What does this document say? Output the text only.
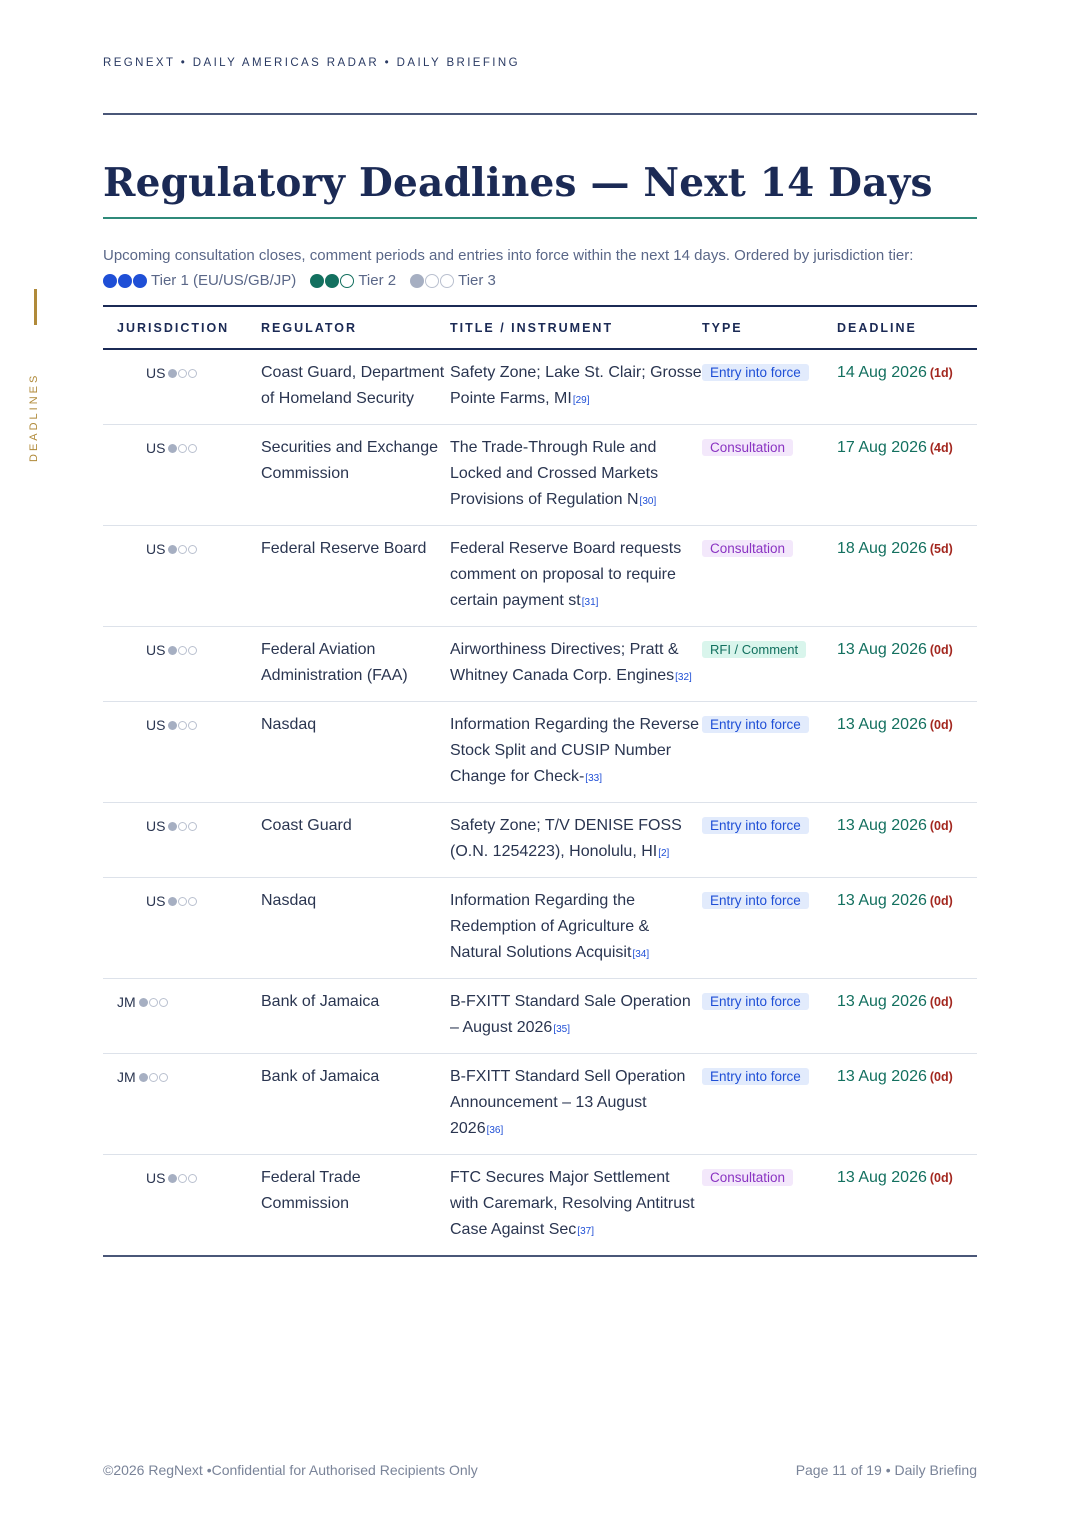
REGNEXT • DAILY AMERICAS RADAR • DAILY BRIEFING
DEADLINES
Regulatory Deadlines — Next 14 Days
Upcoming consultation closes, comment periods and entries into force within the next 14 days. Ordered by jurisdiction tier:
Tier 1 (EU/US/GB/JP)	Tier 2	Tier 3
JURISDICTION	REGULATOR	TITLE / INSTRUMENT	TYPE	DEADLINE

US	Coast Guard, Department of Homeland Security	Safety Zone; Lake St. Clair; Grosse Pointe Farms, MI[29]	Entry into force	14 Aug 2026 (1d)

US	Securities and Exchange Commission	The Trade-Through Rule and Locked and Crossed Markets Provisions of Regulation N[30]	Consultation	17 Aug 2026 (4d)

US	Federal Reserve Board	Federal Reserve Board requests comment on proposal to require certain payment st[31]	Consultation	18 Aug 2026 (5d)

US	Federal Aviation Administration (FAA)	Airworthiness Directives; Pratt & Whitney Canada Corp. Engines[32]	RFI / Comment	13 Aug 2026 (0d)

US	Nasdaq	Information Regarding the Reverse Stock Split and CUSIP Number Change for Check-[33]	Entry into force	13 Aug 2026 (0d)

US	Coast Guard	Safety Zone; T/V DENISE FOSS (O.N. 1254223), Honolulu, HI[2]	Entry into force	13 Aug 2026 (0d)

US	Nasdaq	Information Regarding the Redemption of Agriculture & Natural Solutions Acquisit[34]	Entry into force	13 Aug 2026 (0d)

JM	Bank of Jamaica	B-FXITT Standard Sale Operation – August 2026[35]	Entry into force	13 Aug 2026 (0d)

JM	Bank of Jamaica	B-FXITT Standard Sell Operation Announcement – 13 August 2026[36]	Entry into force	13 Aug 2026 (0d)

US	Federal Trade Commission	FTC Secures Major Settlement with Caremark, Resolving Antitrust Case Against Sec[37]	Consultation	13 Aug 2026 (0d)
©2026 RegNext •Confidential for Authorised Recipients Only	Page 11 of 19 • Daily Briefing
